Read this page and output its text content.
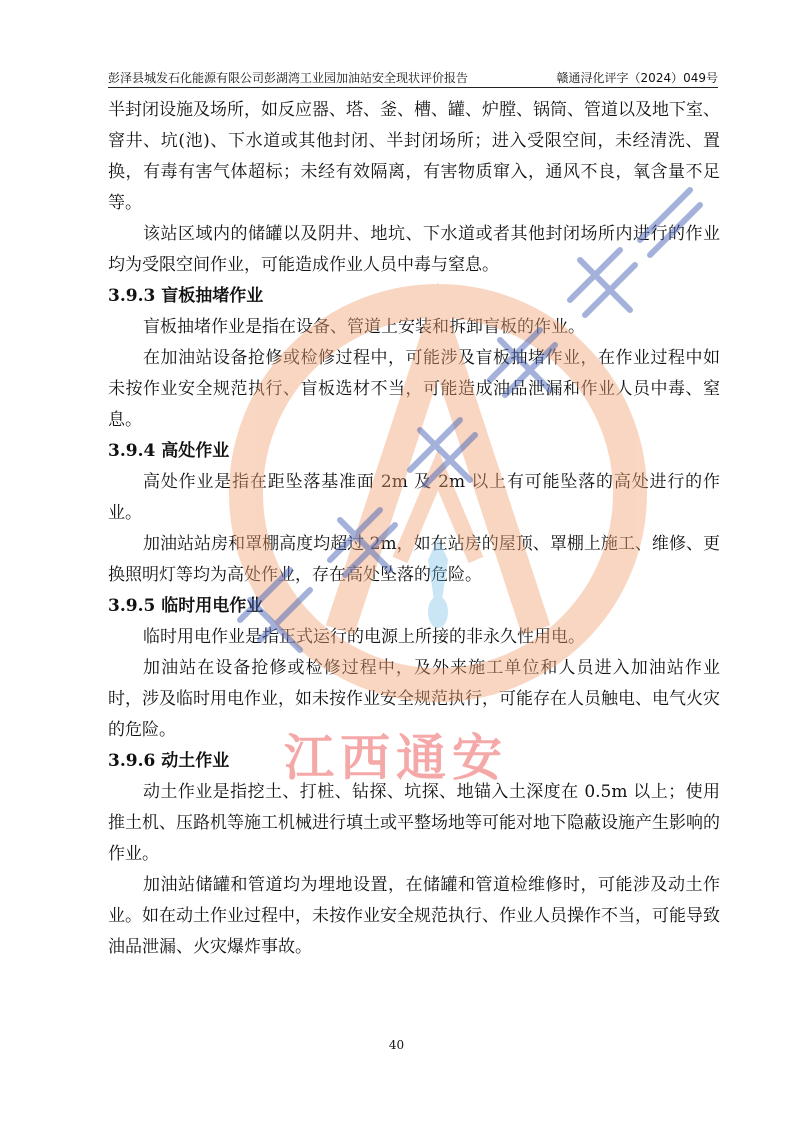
彭泽县城发石化能源有限公司彭湖湾工业园加油站安全现状评价报告	赣通浔化评字（2024）049号

半封闭设施及场所，如反应器、塔、釜、槽、罐、炉膛、锅筒、管道以及地下室、窨井、坑(池)、下水道或其他封闭、半封闭场所；进入受限空间，未经清洗、置换，有毒有害气体超标；未经有效隔离，有害物质窜入，通风不良，氧含量不足等。

该站区域内的储罐以及阴井、地坑、下水道或者其他封闭场所内进行的作业均为受限空间作业，可能造成作业人员中毒与窒息。

3.9.3 盲板抽堵作业

盲板抽堵作业是指在设备、管道上安装和拆卸盲板的作业。

在加油站设备抢修或检修过程中，可能涉及盲板抽堵作业，在作业过程中如未按作业安全规范执行、盲板选材不当，可能造成油品泄漏和作业人员中毒、窒息。

3.9.4 高处作业

高处作业是指在距坠落基准面 2m 及 2m 以上有可能坠落的高处进行的作业。

加油站站房和罩棚高度均超过 2m，如在站房的屋顶、罩棚上施工、维修、更换照明灯等均为高处作业，存在高处坠落的危险。

3.9.5 临时用电作业

临时用电作业是指正式运行的电源上所接的非永久性用电。

加油站在设备抢修或检修过程中，及外来施工单位和人员进入加油站作业时，涉及临时用电作业，如未按作业安全规范执行，可能存在人员触电、电气火灾的危险。

3.9.6 动土作业

动土作业是指挖土、打桩、钻探、坑探、地锚入土深度在 0.5m 以上；使用推土机、压路机等施工机械进行填土或平整场地等可能对地下隐蔽设施产生影响的作业。

加油站储罐和管道均为埋地设置，在储罐和管道检维修时，可能涉及动土作业。如在动土作业过程中，未按作业安全规范执行、作业人员操作不当，可能导致油品泄漏、火灾爆炸事故。

江西通安
40
